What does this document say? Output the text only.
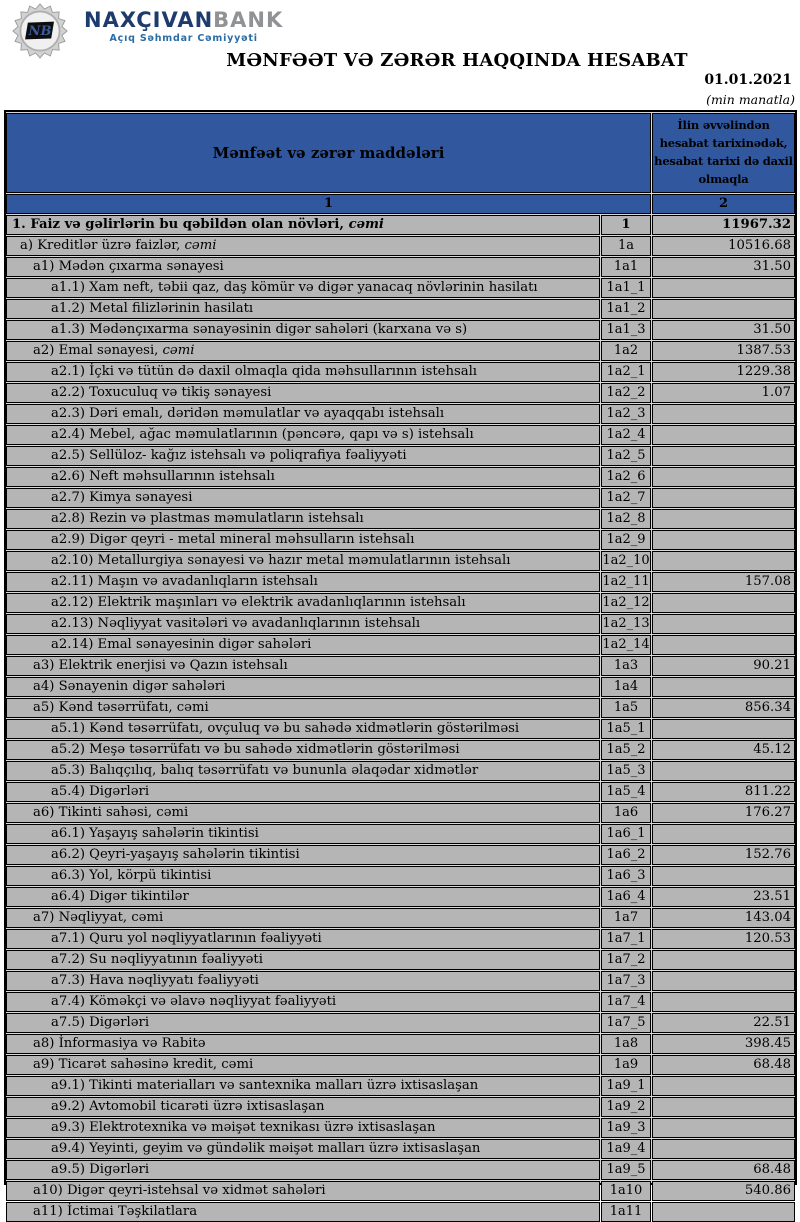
NB NAXÇIVANBANK
Açıq Səhmdar Cəmiyyəti
MƏNFƏƏT VƏ ZƏRƏR HAQQINDA HESABAT
01.01.2021
(min manatla)
Mənfəət və zərər maddələri
İlin əvvəlindən hesabat tarixinədək, hesabat tarixi də daxil olmaqla
1	2
1. Faiz və gəlirlərin bu qəbildən olan növləri, cəmi	1	11967.32
a) Kreditlər üzrə faizlər, cəmi	1a	10516.68
a1) Mədən çıxarma sənayesi	1a1	31.50
a1.1) Xam neft, təbii qaz, daş kömür və digər yanacaq növlərinin hasilatı	1a1_1
a1.2) Metal filizlərinin hasilatı	1a1_2
a1.3) Mədənçıxarma sənayəsinin digər sahələri (karxana və s)	1a1_3	31.50
a2) Emal sənayesi, cəmi	1a2	1387.53
a2.1) İçki və tütün də daxil olmaqla qida məhsullarının istehsalı	1a2_1	1229.38
a2.2) Toxuculuq və tikiş sənayesi	1a2_2	1.07
a2.3) Dəri emalı, dəridən məmulatlar və ayaqqabı istehsalı	1a2_3
a2.4) Mebel, ağac məmulatlarının (pəncərə, qapı və s) istehsalı	1a2_4
a2.5) Sellüloz- kağız istehsalı və poliqrafiya fəaliyyəti	1a2_5
a2.6) Neft məhsullarının istehsalı	1a2_6
a2.7) Kimya sənayesi	1a2_7
a2.8) Rezin və plastmas məmulatların istehsalı	1a2_8
a2.9) Digər qeyri - metal mineral məhsulların istehsalı	1a2_9
a2.10) Metallurgiya sənayesi və hazır metal məmulatlarının istehsalı	1a2_10
a2.11) Maşın və avadanlıqların istehsalı	1a2_11	157.08
a2.12) Elektrik maşınları və elektrik avadanlıqlarının istehsalı	1a2_12
a2.13) Nəqliyyat vasitələri və avadanlıqlarının istehsalı	1a2_13
a2.14) Emal sənayesinin digər sahələri	1a2_14
a3) Elektrik enerjisi və Qazın istehsalı	1a3	90.21
a4) Sənayenin digər sahələri	1a4
a5) Kənd təsərrüfatı, cəmi	1a5	856.34
a5.1) Kənd təsərrüfatı, ovçuluq və bu sahədə xidmətlərin göstərilməsi	1a5_1
a5.2) Meşə təsərrüfatı və bu sahədə xidmətlərin göstərilməsi	1a5_2	45.12
a5.3) Balıqçılıq, balıq təsərrüfatı və bununla əlaqədar xidmətlər	1a5_3
a5.4) Digərləri	1a5_4	811.22
a6) Tikinti sahəsi, cəmi	1a6	176.27
a6.1) Yaşayış sahələrin tikintisi	1a6_1
a6.2) Qeyri-yaşayış sahələrin tikintisi	1a6_2	152.76
a6.3) Yol, körpü tikintisi	1a6_3
a6.4) Digər tikintilər	1a6_4	23.51
a7) Nəqliyyat, cəmi	1a7	143.04
a7.1) Quru yol nəqliyyatlarının fəaliyyəti	1a7_1	120.53
a7.2) Su nəqliyyatının fəaliyyəti	1a7_2
a7.3) Hava nəqliyyatı fəaliyyəti	1a7_3
a7.4) Köməkçi və əlavə nəqliyyat fəaliyyəti	1a7_4
a7.5) Digərləri	1a7_5	22.51
a8) İnformasiya və Rabitə	1a8	398.45
a9) Ticarət sahəsinə kredit, cəmi	1a9	68.48
a9.1) Tikinti materialları və santexnika malları üzrə ixtisaslaşan	1a9_1
a9.2) Avtomobil ticarəti üzrə ixtisaslaşan	1a9_2
a9.3) Elektrotexnika və məişət texnikası üzrə ixtisaslaşan	1a9_3
a9.4) Yeyinti, geyim və gündəlik məişət malları üzrə ixtisaslaşan	1a9_4
a9.5) Digərləri	1a9_5	68.48
a10) Digər qeyri-istehsal və xidmət sahələri	1a10	540.86
a11) İctimai Təşkilatlara	1a11
